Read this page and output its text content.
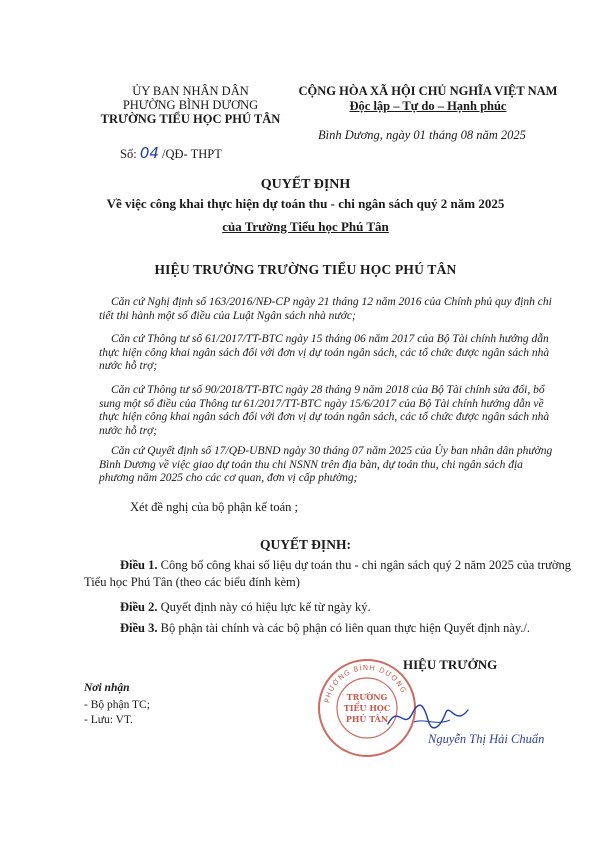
ỦY BAN NHÂN DÂN
PHƯỜNG BÌNH DƯƠNG
TRƯỜNG TIỂU HỌC PHÚ TÂN
CỘNG HÒA XÃ HỘI CHỦ NGHĨA VIỆT NAM
Độc lập – Tự do – Hạnh phúc
Bình Dương, ngày 01 tháng 08 năm 2025
Số: 04 /QĐ- THPT
QUYẾT ĐỊNH
Về việc công khai thực hiện dự toán thu - chi ngân sách quý 2 năm 2025
của Trường Tiểu học Phú Tân
HIỆU TRƯỞNG TRƯỜNG TIỂU HỌC PHÚ TÂN
Căn cứ Nghị định số 163/2016/NĐ-CP ngày 21 tháng 12 năm 2016 của Chính phủ quy định chi tiết thi hành một số điều của Luật Ngân sách nhà nước;
Căn cứ Thông tư số 61/2017/TT-BTC ngày 15 tháng 06 năm 2017 của Bộ Tài chính hướng dẫn thực hiện công khai ngân sách đối với đơn vị dự toán ngân sách, các tổ chức được ngân sách nhà nước hỗ trợ;
Căn cứ Thông tư số 90/2018/TT-BTC ngày 28 tháng 9 năm 2018 của Bộ Tài chính sửa đổi, bổ sung một số điều của Thông tư 61/2017/TT-BTC ngày 15/6/2017 của Bộ Tài chính hướng dẫn về thực hiện công khai ngân sách đối với đơn vị dự toán ngân sách, các tổ chức được ngân sách nhà nước hỗ trợ;
Căn cứ Quyết định số 17/QĐ-UBND ngày 30 tháng 07 năm 2025 của Ủy ban nhân dân phường Bình Dương về việc giao dự toán thu chi NSNN trên địa bàn, dự toán thu, chi ngân sách địa phương năm 2025 cho các cơ quan, đơn vị cấp phường;
Xét đề nghị của bộ phận kế toán ;
QUYẾT ĐỊNH:
Điều 1. Công bố công khai số liệu dự toán thu - chi ngân sách quý 2 năm 2025 của trường Tiểu học Phú Tân (theo các biểu đính kèm)
Điều 2. Quyết định này có hiệu lực kể từ ngày ký.
Điều 3. Bộ phận tài chính và các bộ phận có liên quan thực hiện Quyết định này./.
PHƯỜNG BÌNH DƯƠNG
TRƯỜNG
TIỂU HỌC
PHÚ TÂN
HIỆU TRƯỞNG
Nguyễn Thị Hải Chuẩn
Nơi nhận
- Bộ phận TC;
- Lưu: VT.
